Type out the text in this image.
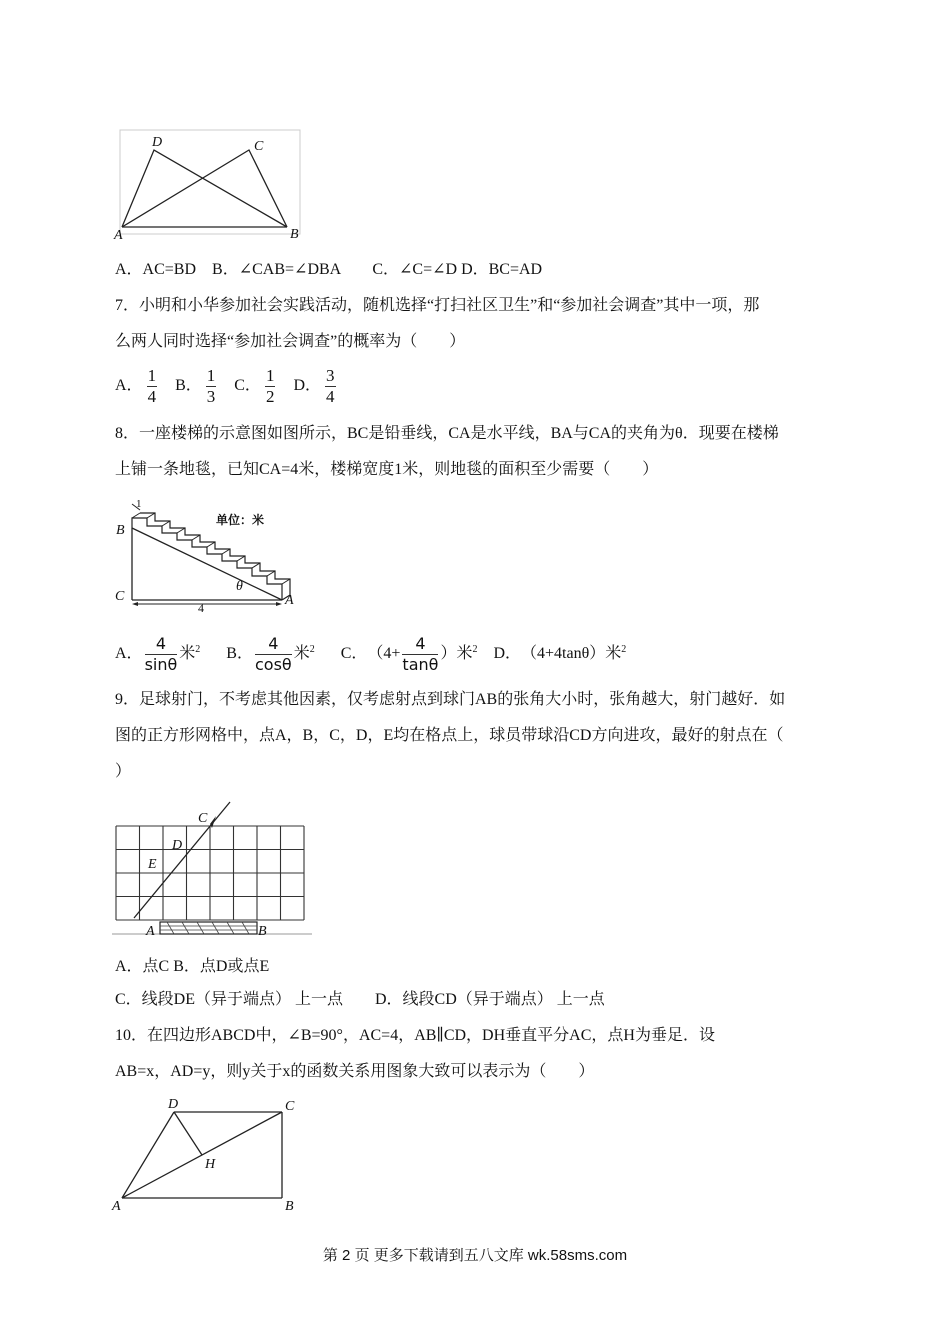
D	C
A	B
A．AC=BD　B．∠CAB=∠DBA　　C．∠C=∠D D．BC=AD
7．小明和小华参加社会实践活动，随机选择“打扫社区卫生”和“参加社会调查”其中一项，那
么两人同时选择“参加社会调查”的概率为（　　）
A． $\frac{1}{4}$ B． $\frac{1}{3}$ C． $\frac{1}{2}$ D． $\frac{3}{4}$
8．一座楼梯的示意图如图所示，BC是铅垂线，CA是水平线，BA与CA的夹角为θ．现要在楼梯
上铺一条地毯，已知CA=4米，楼梯宽度1米，则地毯的面积至少需要（　　）
1
单位：米
B
C	A
θ
4
A． $\frac{4}{\sin\theta}$ 米$^2$ B． $\frac{4}{\cos\theta}$ 米$^2$ C．　（$4+ \frac{4}{\tan\theta}$ ）米$^2$ D．　（4+4tanθ）米$^2$
9．足球射门，不考虑其他因素，仅考虑射点到球门AB的张角大小时，张角越大，射门越好．如
图的正方形网格中，点A，B，C，D，E均在格点上，球员带球沿CD方向进攻，最好的射点在（
）
C
D
E
A	B
A．点C B．点D或点E
C．线段DE（异于端点） 上一点　　D．线段CD（异于端点） 上一点
10．在四边形ABCD中，∠B=90°，AC=4，AB∥CD，DH垂直平分AC，点H为垂足．设
AB=x，AD=y，则y关于x的函数关系用图象大致可以表示为（　　）
D	C
H
A	B
第 2 页 更多下载请到五八文库 wk.58sms.com
